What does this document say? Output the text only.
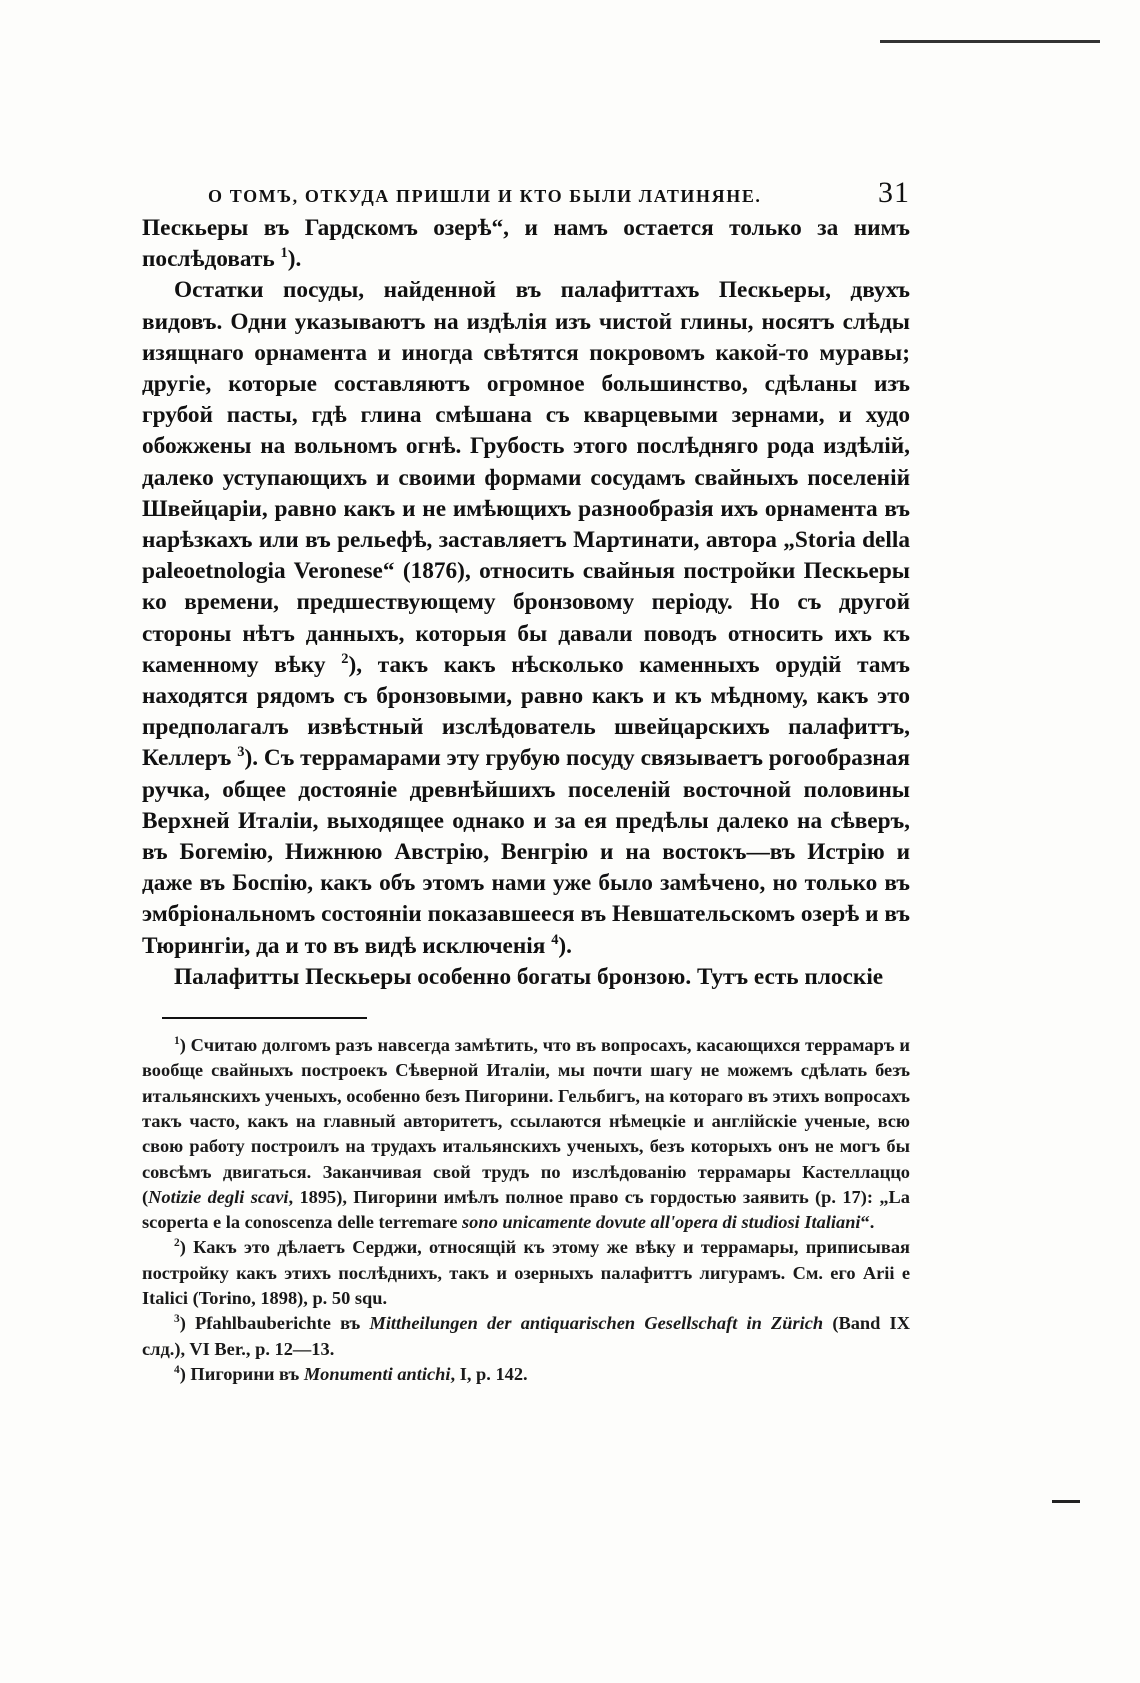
О ТОМЪ, ОТКУДА ПРИШЛИ И КТО БЫЛИ ЛАТИНЯНЕ.	31

Пескьеры въ Гардскомъ озерѣ“, и намъ остается только за нимъ послѣдовать $^1$).

Остатки посуды, найденной въ палафиттахъ Пескьеры, двухъ видовъ. Одни указываютъ на издѣлія изъ чистой глины, носятъ слѣды изящнаго орнамента и иногда свѣтятся покровомъ какой-то муравы; другіе, которые составляютъ огромное большинство, сдѣланы изъ грубой пасты, гдѣ глина смѣшана съ кварцевыми зернами, и худо обожжены на вольномъ огнѣ. Грубость этого послѣдняго рода издѣлій, далеко уступающихъ и своими формами сосудамъ свайныхъ поселеній Швейцаріи, равно какъ и не имѣющихъ разнообразія ихъ орнамента въ нарѣзкахъ или въ рельефѣ, заставляетъ Мартинати, автора „Storia della paleoetnologia Veronese“ (1876), относить свайныя постройки Пескьеры ко времени, предшествующему бронзовому періоду. Но съ другой стороны нѣтъ данныхъ, которыя бы давали поводъ относить ихъ къ каменному вѣку $^2$), такъ какъ нѣсколько каменныхъ орудій тамъ находятся рядомъ съ бронзовыми, равно какъ и къ мѣдному, какъ это предполагалъ извѣстный изслѣдователь швейцарскихъ палафиттъ, Келлеръ $^3$). Съ террамарами эту грубую посуду связываетъ рогообразная ручка, общее достояніе древнѣйшихъ поселеній восточной половины Верхней Италіи, выходящее однако и за ея предѣлы далеко на сѣверъ, въ Богемію, Нижнюю Австрію, Венгрію и на востокъ—въ Истрію и даже въ Боспію, какъ объ этомъ нами уже было замѣчено, но только въ эмбріональномъ состояніи показавшееся въ Невшательскомъ озерѣ и въ Тюрингіи, да и то въ видѣ исключенія $^4$).

Палафитты Пескьеры особенно богаты бронзою. Тутъ есть плоскіе

$^1$) Считаю долгомъ разъ навсегда замѣтить, что въ вопросахъ, касающихся террамаръ и вообще свайныхъ построекъ Сѣверной Италіи, мы почти шагу не можемъ сдѣлать безъ итальянскихъ ученыхъ, особенно безъ Пигорини. Гельбигъ, на котораго въ этихъ вопросахъ такъ часто, какъ на главный авторитетъ, ссылаются нѣмецкіе и англійскіе ученые, всю свою работу построилъ на трудахъ итальянскихъ ученыхъ, безъ которыхъ онъ не могъ бы совсѣмъ двигаться. Заканчивая свой трудъ по изслѣдованію террамары Кастеллаццо (Notizie degli scavi, 1895), Пигорини имѣлъ полное право съ гордостью заявить (p. 17): „La scoperta e la conoscenza delle terremare sono unicamente dovute all'opera di studiosi Italiani“.

$^2$) Какъ это дѣлаетъ Серджи, относящій къ этому же вѣку и террамары, приписывая постройку какъ этихъ послѣднихъ, такъ и озерныхъ палафиттъ лигурамъ. См. его Arii e Italici (Torino, 1898), p. 50 squ.

$^3$) Pfahlbauberichte въ Mittheilungen der antiquarischen Gesellschaft in Zürich (Band IX слд.), VI Ber., p. 12—13.

$^4$) Пигорини въ Monumenti antichi, I, p. 142.
